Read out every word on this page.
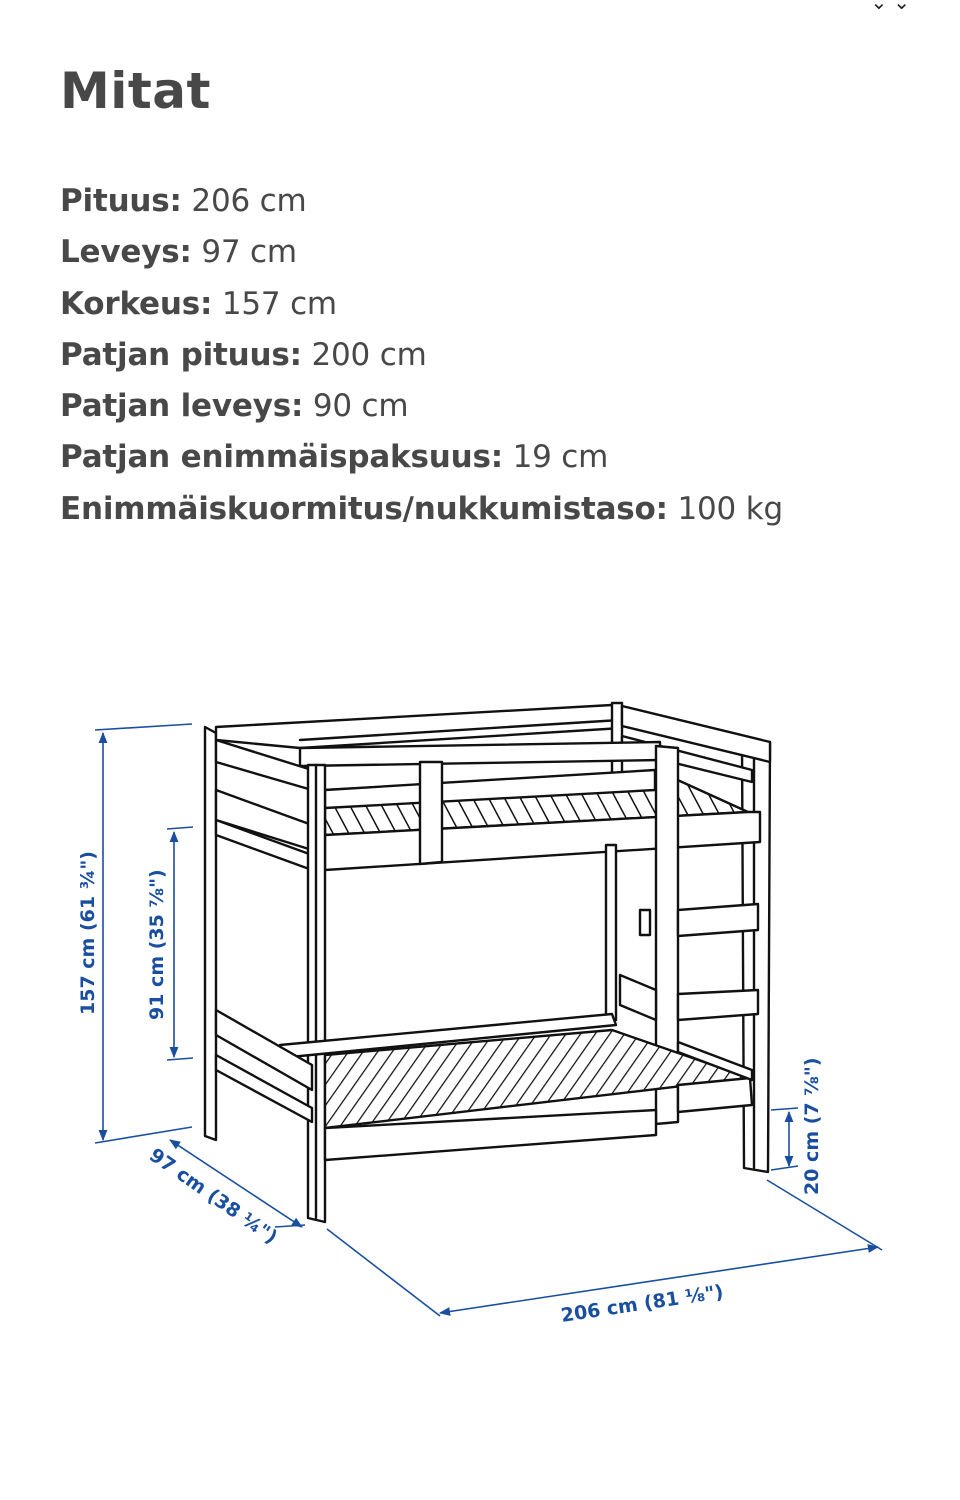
⌄⌄
Mitat
Pituus: 206 cm
Leveys: 97 cm
Korkeus: 157 cm
Patjan pituus: 200 cm
Patjan leveys: 90 cm
Patjan enimmäispaksuus: 19 cm
Enimmäiskuormitus/nukkumistaso: 100 kg
157 cm (61 ¾") 91 cm (35 ⅞")
97 cm (38 ¼")
206 cm (81 ⅛")
20 cm (7 ⅞")
